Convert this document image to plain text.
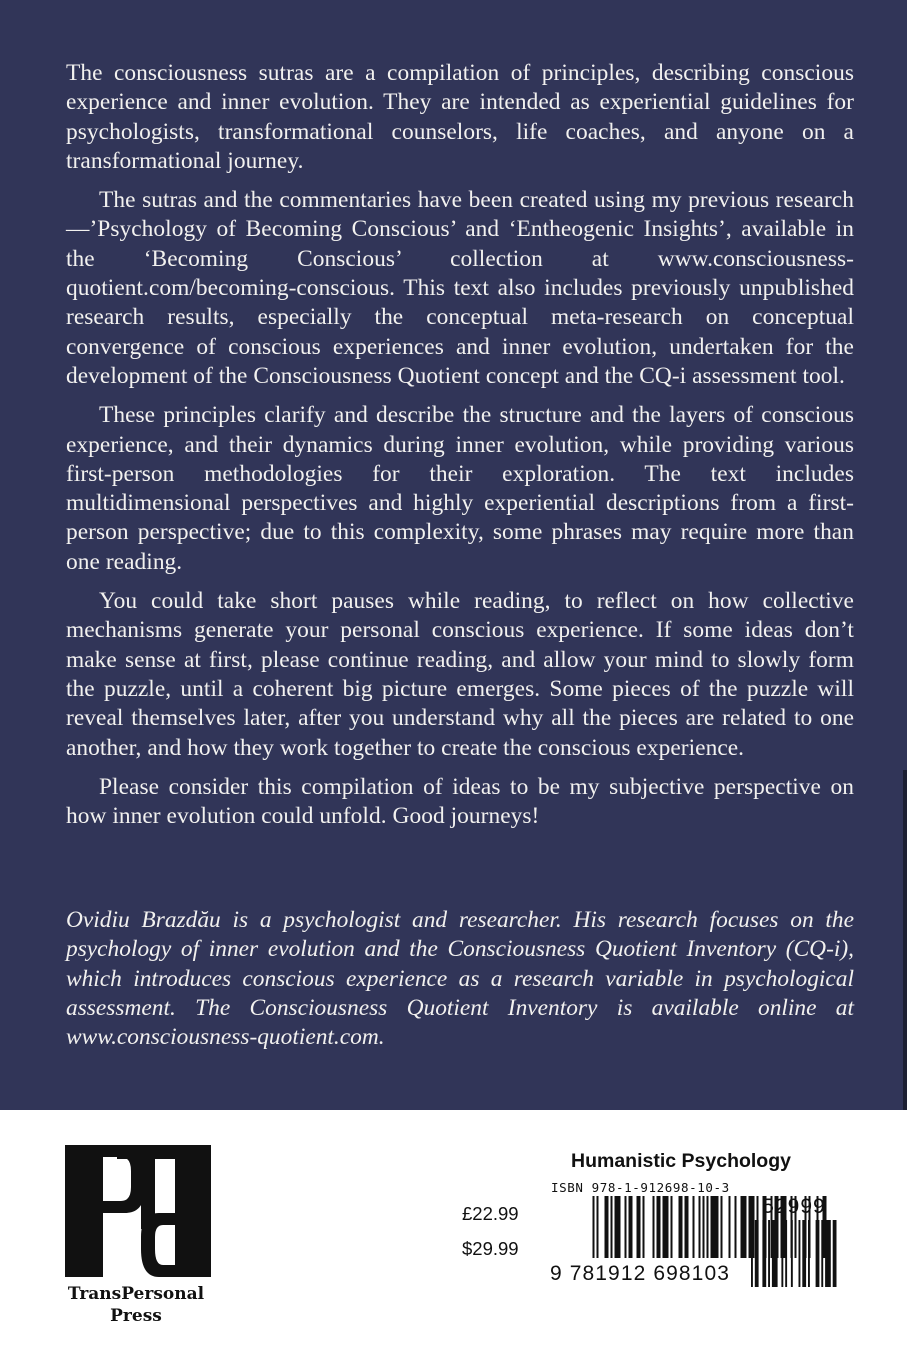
The consciousness sutras are a compilation of principles, describing conscious experience and inner evolution. They are intended as experiential guidelines for psychologists, transformational counselors, life coaches, and anyone on a transformational journey.

The sutras and the commentaries have been created using my previous research—’Psychology of Becoming Conscious’ and ‘Entheogenic Insights’, available in the ‘Becoming Conscious’ collection at www.consciousness-quotient.com/becoming-conscious. This text also includes previously unpublished research results, especially the conceptual meta-research on conceptual convergence of conscious experiences and inner evolution, undertaken for the development of the Consciousness Quotient concept and the CQ-i assessment tool.

These principles clarify and describe the structure and the layers of conscious experience, and their dynamics during inner evolution, while providing various first-person methodologies for their exploration. The text includes multidimensional perspectives and highly experiential descriptions from a first-person perspective; due to this complexity, some phrases may require more than one reading.

You could take short pauses while reading, to reflect on how collective mechanisms generate your personal conscious experience. If some ideas don’t make sense at first, please continue reading, and allow your mind to slowly form the puzzle, until a coherent big picture emerges. Some pieces of the puzzle will reveal themselves later, after you understand why all the pieces are related to one another, and how they work together to create the conscious experience.

Please consider this compilation of ideas to be my subjective perspective on how inner evolution could unfold. Good journeys!

Ovidiu Brazdău is a psychologist and researcher. His research focuses on the psychology of inner evolution and the Consciousness Quotient Inventory (CQ-i), which introduces conscious experience as a research variable in psychological assessment. The Consciousness Quotient Inventory is available online at www.consciousness-quotient.com.
TransPersonal
Press
Humanistic Psychology
ISBN 978-1-912698-10-3
£22.99
$29.99
9 781912 698103
52999
